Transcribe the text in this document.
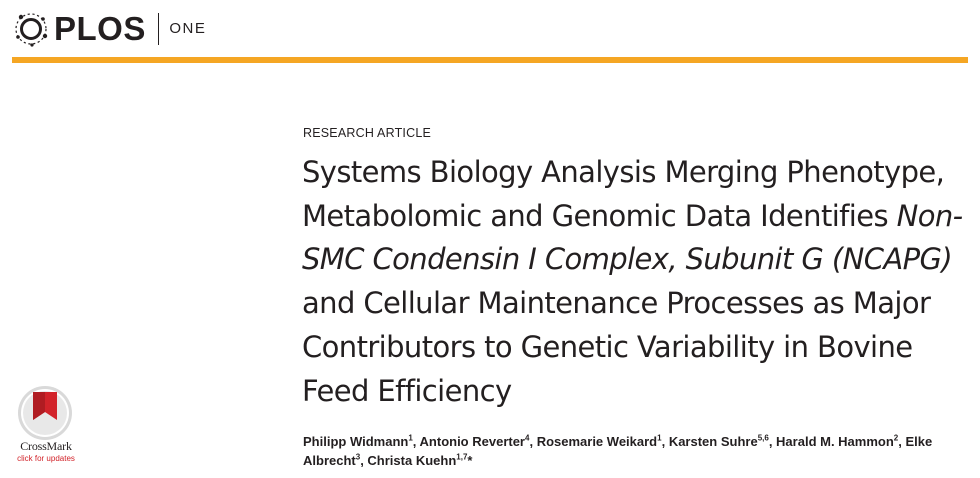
PLOS ONE
RESEARCH ARTICLE
Systems Biology Analysis Merging Phenotype, Metabolomic and Genomic Data Identifies Non-SMC Condensin I Complex, Subunit G (NCAPG) and Cellular Maintenance Processes as Major Contributors to Genetic Variability in Bovine Feed Efficiency

Philipp Widmann$^1$, Antonio Reverter$^4$, Rosemarie Weikard$^1$, Karsten Suhre$^{5,6}$, Harald M. Hammon$^2$, Elke Albrecht$^3$, Christa Kuehn$^{1,7}$*

CrossMark
click for updates
